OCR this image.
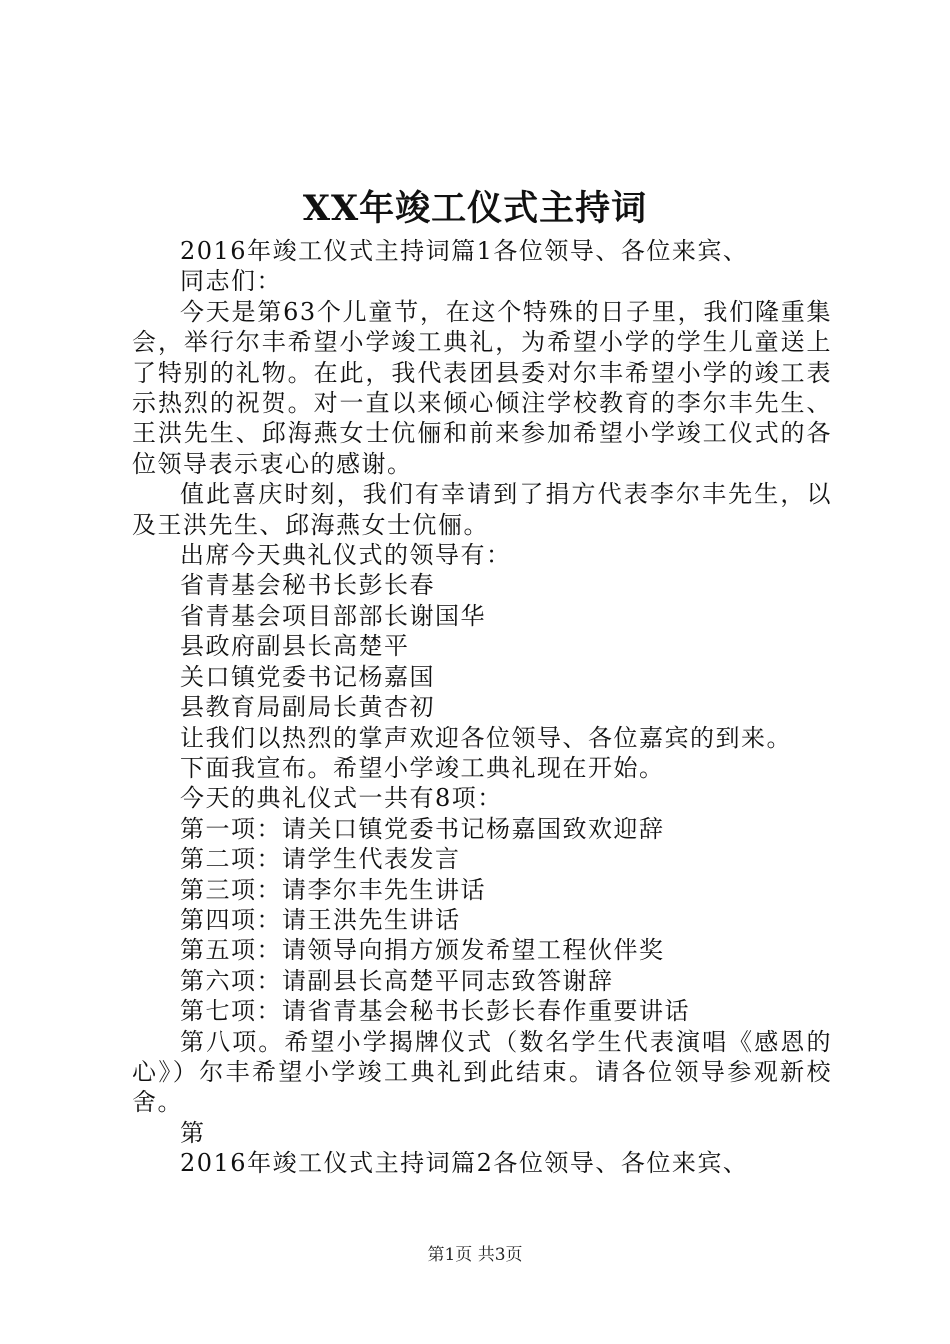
XX年竣工仪式主持词

2016年竣工仪式主持词篇1各位领导、各位来宾、

同志们：

今天是第63个儿童节，在这个特殊的日子里，我们隆重集会，举行尔丰希望小学竣工典礼，为希望小学的学生儿童送上了特别的礼物。在此，我代表团县委对尔丰希望小学的竣工表示热烈的祝贺。对一直以来倾心倾注学校教育的李尔丰先生、王洪先生、邱海燕女士伉俪和前来参加希望小学竣工仪式的各位领导表示衷心的感谢。

值此喜庆时刻，我们有幸请到了捐方代表李尔丰先生，以及王洪先生、邱海燕女士伉俪。

出席今天典礼仪式的领导有：

省青基会秘书长彭长春

省青基会项目部部长谢国华

县政府副县长高楚平

关口镇党委书记杨嘉国

县教育局副局长黄杏初

让我们以热烈的掌声欢迎各位领导、各位嘉宾的到来。

下面我宣布。希望小学竣工典礼现在开始。

今天的典礼仪式一共有8项：

第一项：请关口镇党委书记杨嘉国致欢迎辞

第二项：请学生代表发言

第三项：请李尔丰先生讲话

第四项：请王洪先生讲话

第五项：请领导向捐方颁发希望工程伙伴奖

第六项：请副县长高楚平同志致答谢辞

第七项：请省青基会秘书长彭长春作重要讲话

第八项。希望小学揭牌仪式（数名学生代表演唱《感恩的心》）尔丰希望小学竣工典礼到此结束。请各位领导参观新校舍。

第

2016年竣工仪式主持词篇2各位领导、各位来宾、

第1页 共3页
